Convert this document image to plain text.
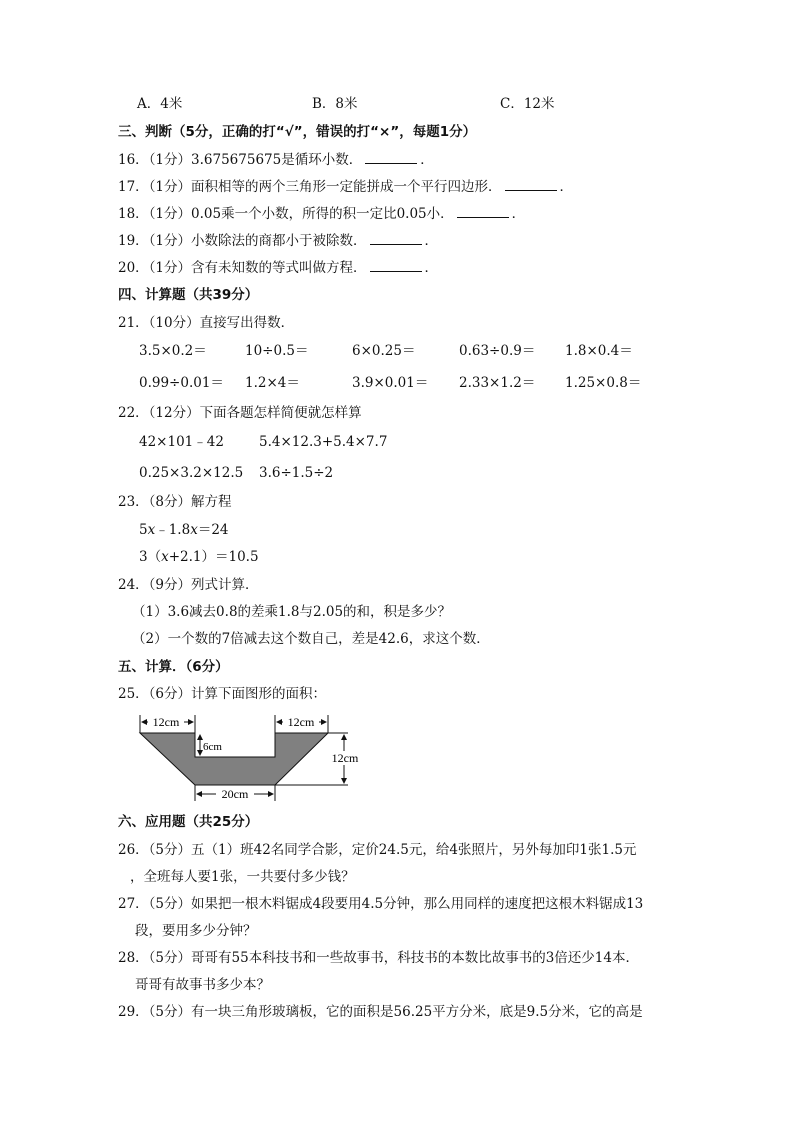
A．4米	B．8米	C．12米
三、判断（5分，正确的打“√”，错误的打“×”，每题1分）
16．（1分）3.675675675是循环小数．	．
17．（1分）面积相等的两个三角形一定能拼成一个平行四边形．	．
18．（1分）0.05乘一个小数，所得的积一定比0.05小．	．
19．（1分）小数除法的商都小于被除数．	．
20．（1分）含有未知数的等式叫做方程．	．
四、计算题（共39分）
21．（10分）直接写出得数．
3.5×0.2＝	10÷0.5＝	6×0.25＝	0.63÷0.9＝ 1.8×0.4＝
0.99÷0.01＝ 1.2×4＝	3.9×0.01＝ 2.33×1.2＝ 1.25×0.8＝
22．（12分）下面各题怎样简便就怎样算
42×101﹣42	5.4×12.3+5.4×7.7
0.25×3.2×12.5 3.6÷1.5÷2
23．（8分）解方程
5x﹣1.8x＝24
3（x+2.1）＝10.5
24．（9分）列式计算．
（1）3.6减去0.8的差乘1.8与2.05的和，积是多少？
（2）一个数的7倍减去这个数自己，差是42.6，求这个数．
五、计算．（6分）
25．（6分）计算下面图形的面积：
12cm	12cm
6cm
12cm
20cm
六、应用题（共25分）
26．（5分）五（1）班42名同学合影，定价24.5元，给4张照片，另外每加印1张1.5元
，全班每人要1张，一共要付多少钱？
27．（5分）如果把一根木料锯成4段要用4.5分钟，那么用同样的速度把这根木料锯成13
段，要用多少分钟？
28．（5分）哥哥有55本科技书和一些故事书，科技书的本数比故事书的3倍还少14本．
哥哥有故事书多少本？
29．（5分）有一块三角形玻璃板，它的面积是56.25平方分米，底是9.5分米，它的高是
